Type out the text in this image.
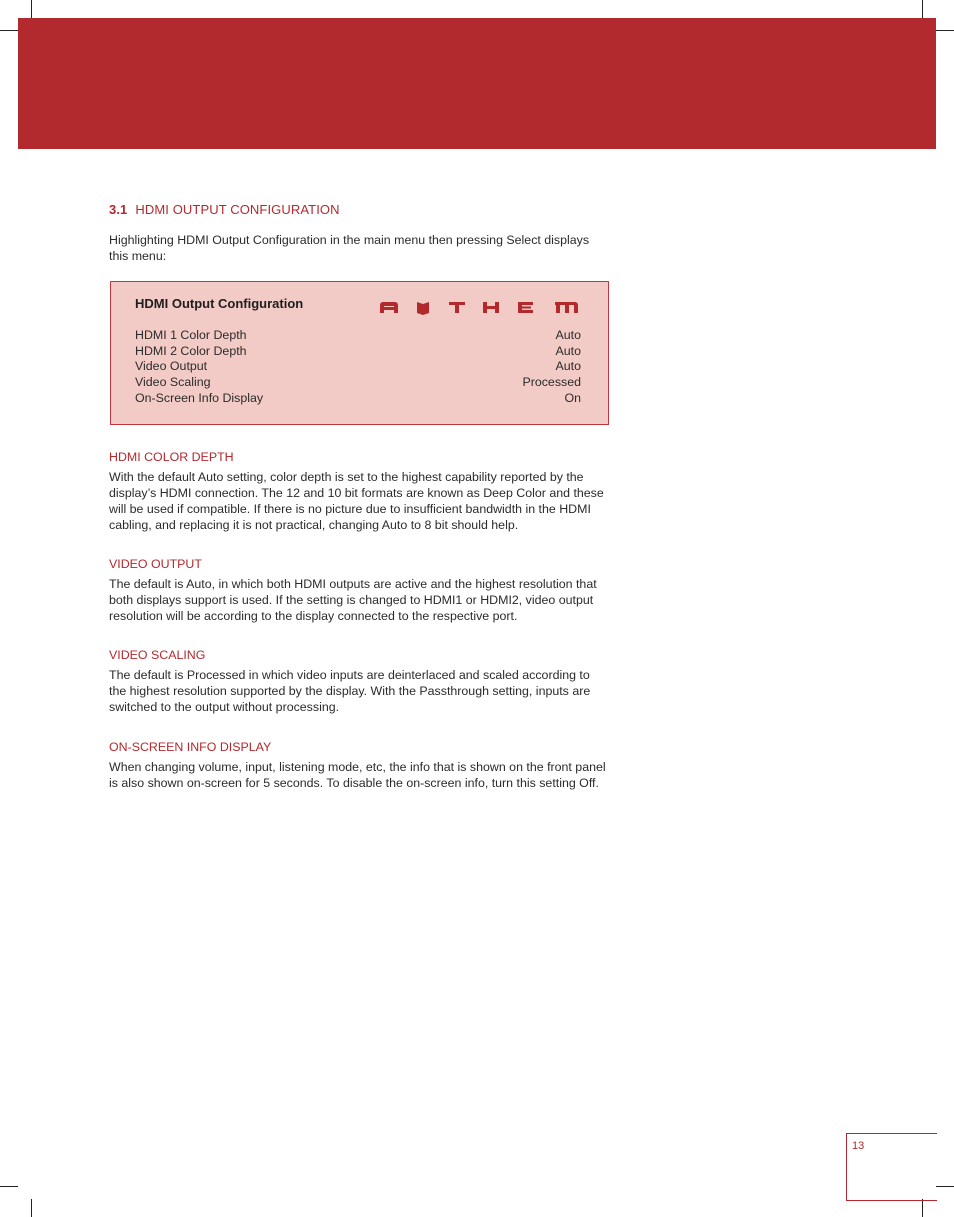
3.1 HDMI OUTPUT CONFIGURATION

Highlighting HDMI Output Configuration in the main menu then pressing Select displays this menu:

HDMI Output Configuration
HDMI 1 Color Depth	Auto
HDMI 2 Color Depth	Auto
Video Output	Auto
Video Scaling	Processed
On-Screen Info Display	On
HDMI COLOR DEPTH

With the default Auto setting, color depth is set to the highest capability reported by the display’s HDMI connection. The 12 and 10 bit formats are known as Deep Color and these will be used if compatible. If there is no picture due to insufficient bandwidth in the HDMI cabling, and replacing it is not practical, changing Auto to 8 bit should help.

VIDEO OUTPUT

The default is Auto, in which both HDMI outputs are active and the highest resolution that both displays support is used. If the setting is changed to HDMI1 or HDMI2, video output resolution will be according to the display connected to the respective port.

VIDEO SCALING

The default is Processed in which video inputs are deinterlaced and scaled according to the highest resolution supported by the display. With the Passthrough setting, inputs are switched to the output without processing.

ON-SCREEN INFO DISPLAY

When changing volume, input, listening mode, etc, the info that is shown on the front panel is also shown on-screen for 5 seconds. To disable the on-screen info, turn this setting Off.

13
